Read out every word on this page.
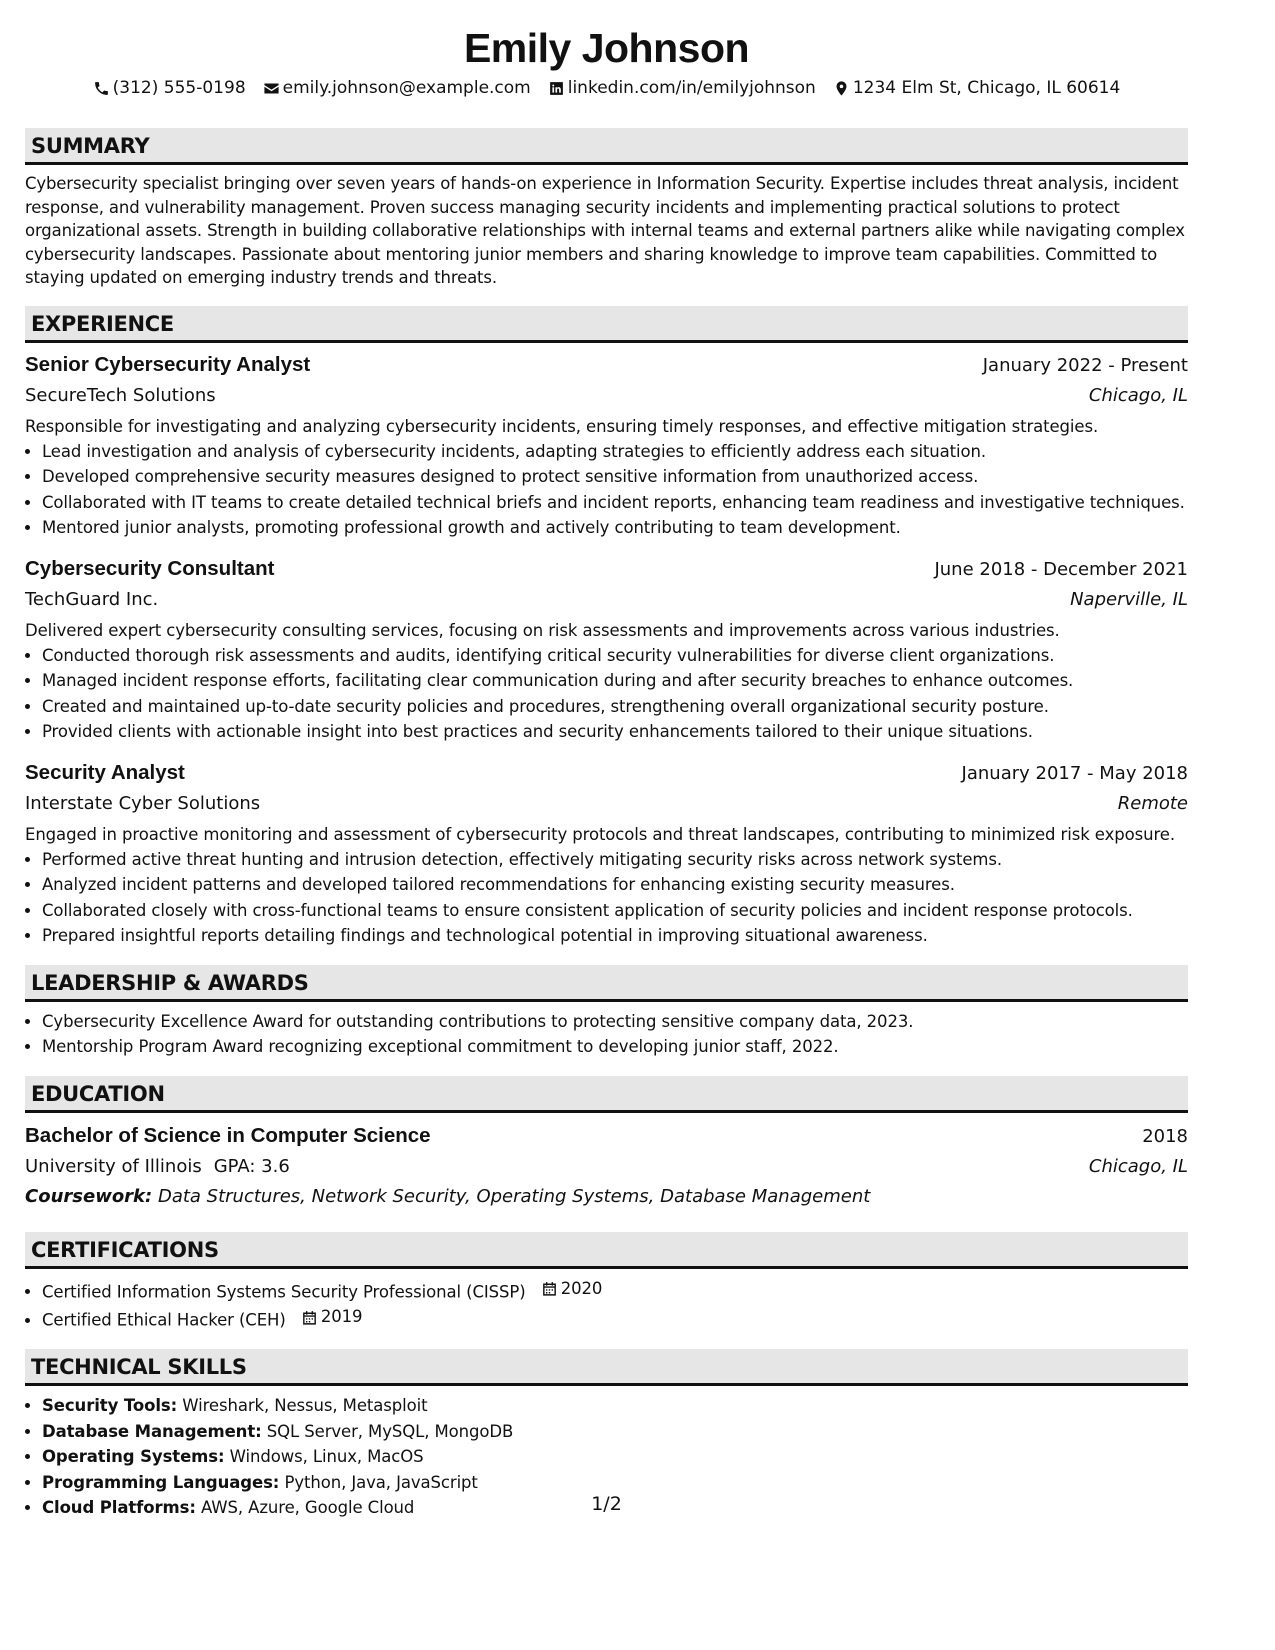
Emily Johnson
(312) 555-0198 emily.johnson@example.com linkedin.com/in/emilyjohnson 1234 Elm St, Chicago, IL 60614
SUMMARY
Cybersecurity specialist bringing over seven years of hands-on experience in Information Security. Expertise includes threat analysis, incident response, and vulnerability management. Proven success managing security incidents and implementing practical solutions to protect organizational assets. Strength in building collaborative relationships with internal teams and external partners alike while navigating complex cybersecurity landscapes. Passionate about mentoring junior members and sharing knowledge to improve team capabilities. Committed to staying updated on emerging industry trends and threats.
EXPERIENCE
Senior Cybersecurity Analyst	January 2022 - Present
SecureTech Solutions	Chicago, IL
Responsible for investigating and analyzing cybersecurity incidents, ensuring timely responses, and effective mitigation strategies.
• Lead investigation and analysis of cybersecurity incidents, adapting strategies to efficiently address each situation.
• Developed comprehensive security measures designed to protect sensitive information from unauthorized access.
• Collaborated with IT teams to create detailed technical briefs and incident reports, enhancing team readiness and investigative techniques.
• Mentored junior analysts, promoting professional growth and actively contributing to team development.
Cybersecurity Consultant	June 2018 - December 2021
TechGuard Inc.	Naperville, IL
Delivered expert cybersecurity consulting services, focusing on risk assessments and improvements across various industries.
• Conducted thorough risk assessments and audits, identifying critical security vulnerabilities for diverse client organizations.
• Managed incident response efforts, facilitating clear communication during and after security breaches to enhance outcomes.
• Created and maintained up-to-date security policies and procedures, strengthening overall organizational security posture.
• Provided clients with actionable insight into best practices and security enhancements tailored to their unique situations.
Security Analyst	January 2017 - May 2018
Interstate Cyber Solutions	Remote
Engaged in proactive monitoring and assessment of cybersecurity protocols and threat landscapes, contributing to minimized risk exposure.
• Performed active threat hunting and intrusion detection, effectively mitigating security risks across network systems.
• Analyzed incident patterns and developed tailored recommendations for enhancing existing security measures.
• Collaborated closely with cross-functional teams to ensure consistent application of security policies and incident response protocols.
• Prepared insightful reports detailing findings and technological potential in improving situational awareness.
LEADERSHIP & AWARDS
• Cybersecurity Excellence Award for outstanding contributions to protecting sensitive company data, 2023.
• Mentorship Program Award recognizing exceptional commitment to developing junior staff, 2022.
EDUCATION
Bachelor of Science in Computer Science	2018
University of Illinois GPA: 3.6	Chicago, IL
Coursework: Data Structures, Network Security, Operating Systems, Database Management
CERTIFICATIONS
• Certified Information Systems Security Professional (CISSP) 2020
• Certified Ethical Hacker (CEH) 2019
TECHNICAL SKILLS
• Security Tools: Wireshark, Nessus, Metasploit
• Database Management: SQL Server, MySQL, MongoDB
• Operating Systems: Windows, Linux, MacOS
• Programming Languages: Python, Java, JavaScript
• Cloud Platforms: AWS, Azure, Google Cloud	1/2
